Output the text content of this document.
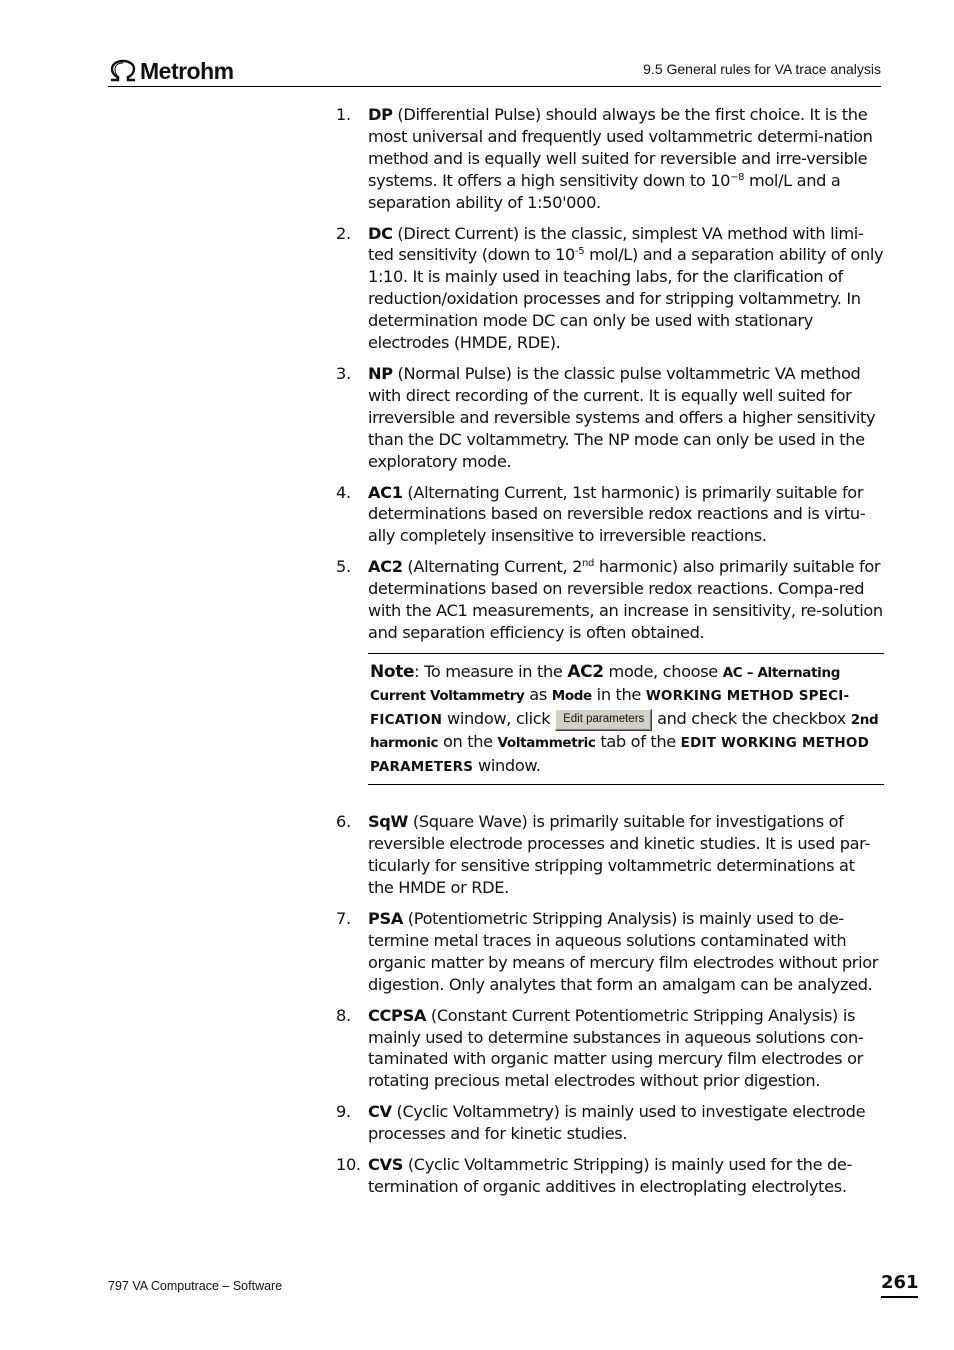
Metrohm	9.5 General rules for VA trace analysis
1.	DP (Differential Pulse) should always be the first choice. It is the most universal and frequently used voltammetric determi-nation method and is equally well suited for reversible and irre-versible systems. It offers a high sensitivity down to $10^{-8}$ mol/L and a separation ability of 1:50'000.
2.	DC (Direct Current) is the classic, simplest VA method with limi-ted sensitivity (down to $10^{-5}$ mol/L) and a separation ability of only 1:10. It is mainly used in teaching labs, for the clarification of reduction/oxidation processes and for stripping voltammetry. In determination mode DC can only be used with stationary electrodes (HMDE, RDE).
3.	NP (Normal Pulse) is the classic pulse voltammetric VA method with direct recording of the current. It is equally well suited for irreversible and reversible systems and offers a higher sensitivity than the DC voltammetry. The NP mode can only be used in the exploratory mode.
4.	AC1 (Alternating Current, 1st harmonic) is primarily suitable for determinations based on reversible redox reactions and is virtu-ally completely insensitive to irreversible reactions.
5.	AC2 (Alternating Current, 2nd harmonic) also primarily suitable for determinations based on reversible redox reactions. Compa-red with the AC1 measurements, an increase in sensitivity, re-solution and separation efficiency is often obtained.
Note: To measure in the AC2 mode, choose AC – Alternating Current Voltammetry as Mode in the WORKING METHOD SPECI-FICATION window, click Edit parameters and check the checkbox 2nd harmonic on the Voltammetric tab of the EDIT WORKING METHOD PARAMETERS window.
6.	SqW (Square Wave) is primarily suitable for investigations of reversible electrode processes and kinetic studies. It is used par-ticularly for sensitive stripping voltammetric determinations at the HMDE or RDE.
7.	PSA (Potentiometric Stripping Analysis) is mainly used to de-termine metal traces in aqueous solutions contaminated with organic matter by means of mercury film electrodes without prior digestion. Only analytes that form an amalgam can be analyzed.
8.	CCPSA (Constant Current Potentiometric Stripping Analysis) is mainly used to determine substances in aqueous solutions con-taminated with organic matter using mercury film electrodes or rotating precious metal electrodes without prior digestion.
9.	CV (Cyclic Voltammetry) is mainly used to investigate electrode processes and for kinetic studies.
10. CVS (Cyclic Voltammetric Stripping) is mainly used for the de-termination of organic additives in electroplating electrolytes.
797 VA Computrace – Software	261
